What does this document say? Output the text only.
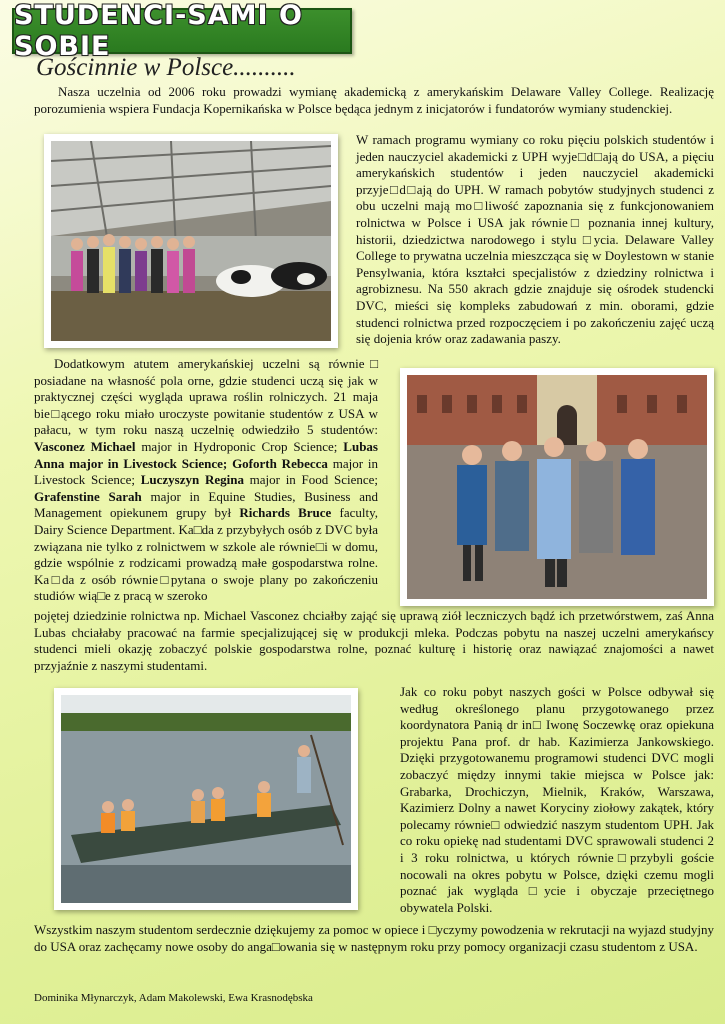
STUDENCI-SAMI O SOBIE
Gościnnie w Polsce..........

Nasza uczelnia od 2006 roku prowadzi wymianę akademicką z amerykańskim Delaware Valley College. Realizację porozumienia wspiera Fundacja Kopernikańska w Polsce będąca jednym z inicjatorów i fundatorów wymiany studenckiej.

W ramach programu wymiany co roku pięciu polskich studentów i jeden nauczyciel akademicki z UPH wyje□d□ają do USA, a pięciu amerykańskich studentów i jeden nauczyciel akademicki przyje□d□ają do UPH. W ramach pobytów studyjnych studenci z obu uczelni mają mo□liwość zapoznania się z funkcjonowaniem rolnictwa w Polsce i USA jak równie□ poznania innej kultury, historii, dziedzictwa narodowego i stylu □ycia. Delaware Valley College to prywatna uczelnia mieszcząca się w Doylestown w stanie Pensylwania, która kształci specjalistów z dziedziny rolnictwa i agrobiznesu. Na 550 akrach gdzie znajduje się ośrodek studencki DVC, mieści się kompleks zabudowań z min. oborami, gdzie studenci rolnictwa przed rozpoczęciem i po zakończeniu zajęć uczą się dojenia krów oraz zadawania paszy.

Dodatkowym atutem amerykańskiej uczelni są równie□ posiadane na własność pola orne, gdzie studenci uczą się jak w praktycznej części wygląda uprawa roślin rolniczych. 21 maja bie□ącego roku miało uroczyste powitanie studentów z USA w pałacu, w tym roku naszą uczelnię odwiedziło 5 studentów: Vasconez Michael major in Hydroponic Crop Science; Lubas Anna major in Livestock Science; Goforth Rebecca major in Livestock Science; Luczyszyn Regina major in Food Science; Grafenstine Sarah major in Equine Studies, Business and Management opiekunem grupy był Richards Bruce faculty, Dairy Science Department. Ka□da z przybyłych osób z DVC była związana nie tylko z rolnictwem w szkole ale równie□i w domu, gdzie wspólnie z rodzicami prowadzą małe gospodarstwa rolne. Ka□da z osób równie□pytana o swoje plany po zakończeniu studiów wią□e z pracą w szeroko

pojętej dziedzinie rolnictwa np. Michael Vasconez chciałby zająć się uprawą ziół leczniczych bądź ich przetwórstwem, zaś Anna Lubas chciałaby pracować na farmie specjalizującej się w produkcji mleka. Podczas pobytu na naszej uczelni amerykańscy studenci mieli okazję zobaczyć polskie gospodarstwa rolne, poznać kulturę i historię oraz nawiązać znajomości a nawet przyjaźnie z naszymi studentami.

Jak co roku pobyt naszych gości w Polsce odbywał się według określonego planu przygotowanego przez koordynatora Panią dr in□ Iwonę Soczewkę oraz opiekuna projektu Pana prof. dr hab. Kazimierza Jankowskiego. Dzięki przygotowanemu programowi studenci DVC mogli zobaczyć między innymi takie miejsca w Polsce jak: Grabarka, Drochiczyn, Mielnik, Kraków, Warszawa, Kazimierz Dolny a nawet Koryciny ziołowy zakątek, który polecamy równie□ odwiedzić naszym studentom UPH. Jak co roku opiekę nad studentami DVC sprawowali studenci 2 i 3 roku rolnictwa, u których równie□przybyli goście nocowali na okres pobytu w Polsce, dzięki czemu mogli poznać jak wygląda □ycie i obyczaje przeciętnego obywatela Polski.

Wszystkim naszym studentom serdecznie dziękujemy za pomoc w opiece i □yczymy powodzenia w rekrutacji na wyjazd studyjny do USA oraz zachęcamy nowe osoby do anga□owania się w następnym roku przy pomocy organizacji czasu studentom z USA.

Dominika Młynarczyk, Adam Makolewski, Ewa Krasnodębska
